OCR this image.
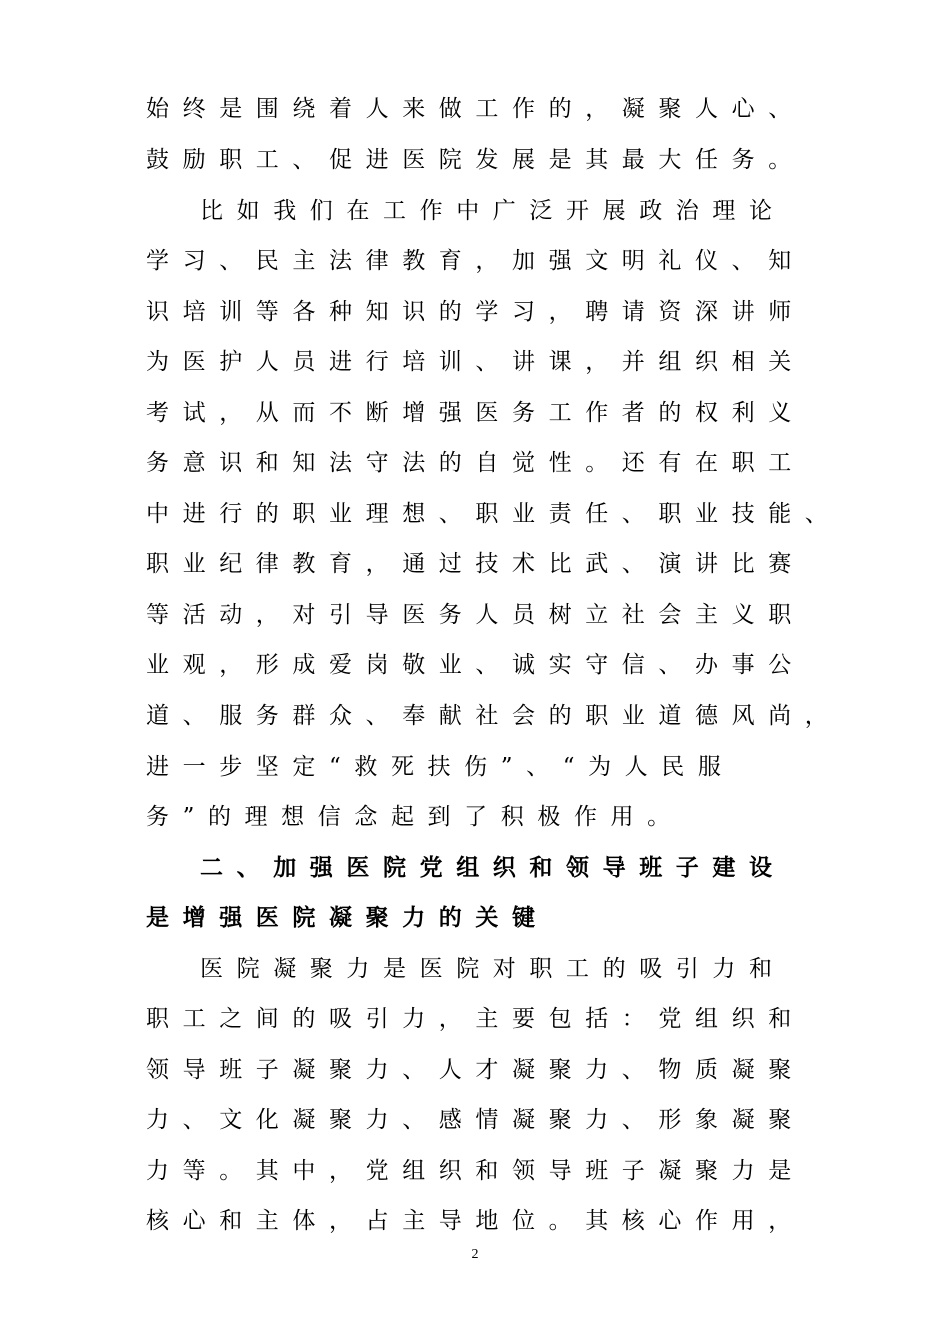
始终是围绕着人来做工作的，凝聚人心、
鼓励职工、促进医院发展是其最大任务。
比如我们在工作中广泛开展政治理论
学习、民主法律教育，加强文明礼仪、知
识培训等各种知识的学习，聘请资深讲师
为医护人员进行培训、讲课，并组织相关
考试，从而不断增强医务工作者的权利义
务意识和知法守法的自觉性。还有在职工
中进行的职业理想、职业责任、职业技能、
职业纪律教育，通过技术比武、演讲比赛
等活动，对引导医务人员树立社会主义职
业观，形成爱岗敬业、诚实守信、办事公
道、服务群众、奉献社会的职业道德风尚，
进一步坚定“救死扶伤”、“为人民服
务”的理想信念起到了积极作用。
二、加强医院党组织和领导班子建设
是增强医院凝聚力的关键
医院凝聚力是医院对职工的吸引力和
职工之间的吸引力，主要包括：党组织和
领导班子凝聚力、人才凝聚力、物质凝聚
力、文化凝聚力、感情凝聚力、形象凝聚
力等。其中，党组织和领导班子凝聚力是
核心和主体，占主导地位。其核心作用，
2
